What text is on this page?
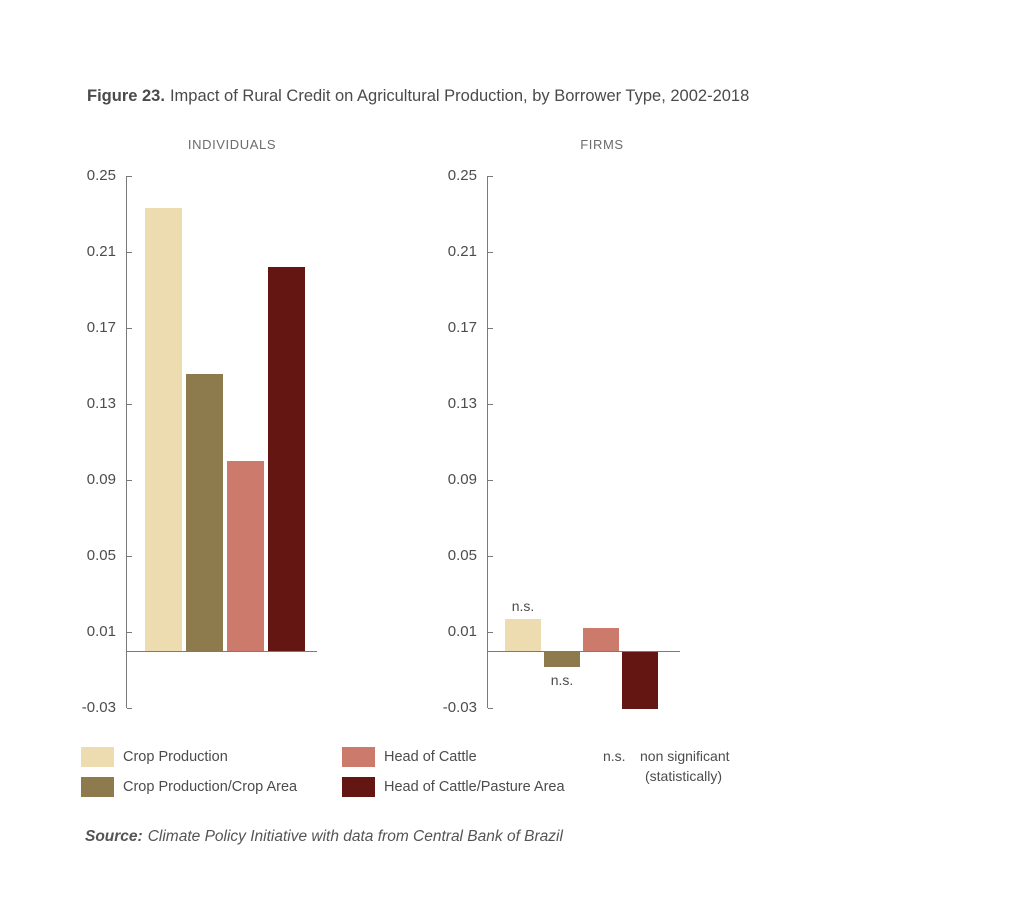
Figure 23. Impact of Rural Credit on Agricultural Production, by Borrower Type, 2002-2018
INDIVIDUALS	FIRMS
0.25
0.21
0.17
0.13
0.09
0.05
0.01
-0.03
0.25
0.21
0.17
0.13
0.09
0.05
0.01
-0.03
n.s.
n.s.
Crop Production
Crop Production/Crop Area
Head of Cattle
Head of Cattle/Pasture Area
n.s. non significant
(statistically)
Source: Climate Policy Initiative with data from Central Bank of Brazil
